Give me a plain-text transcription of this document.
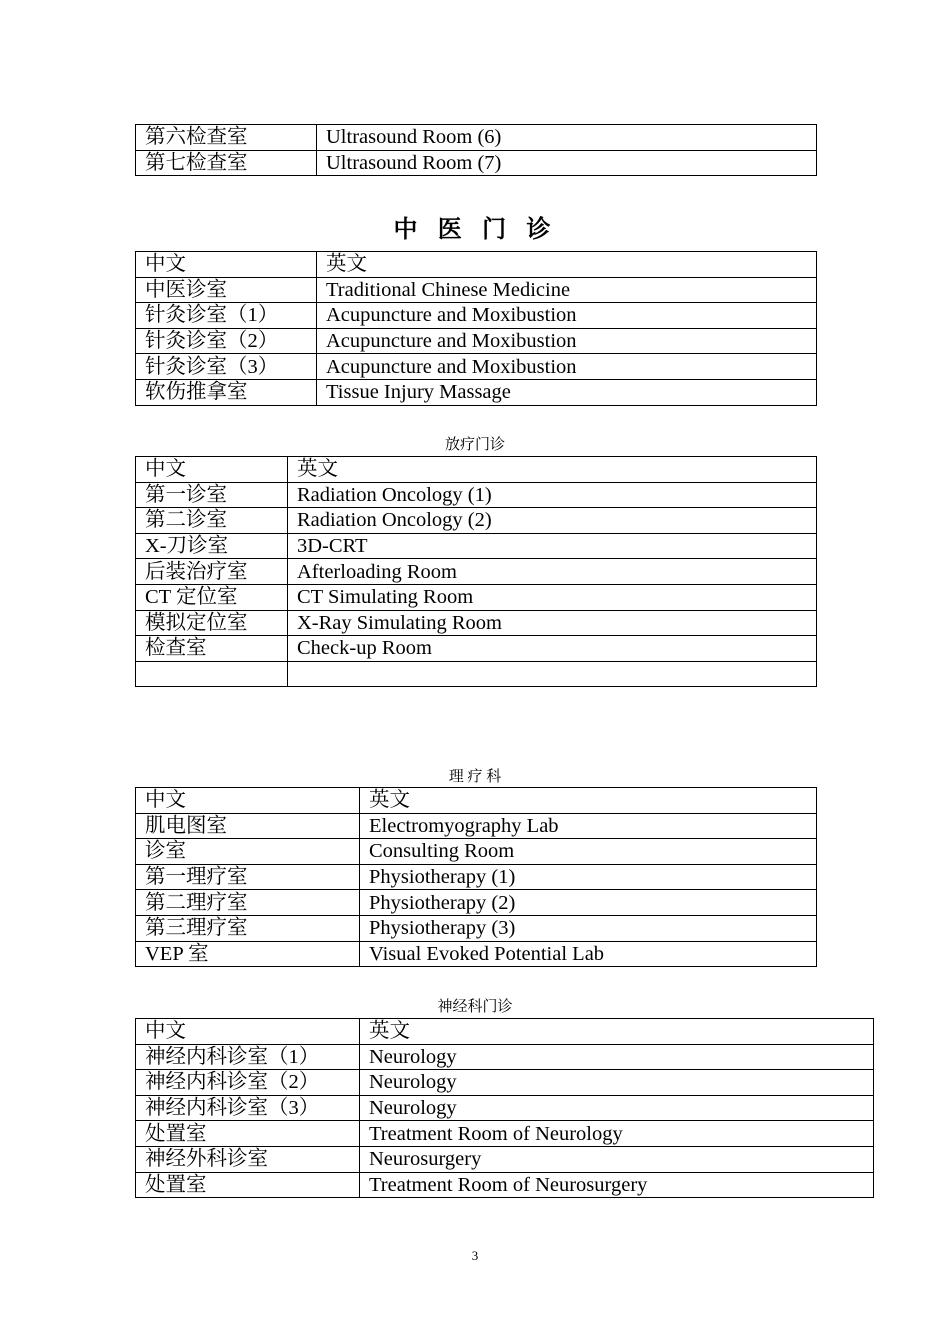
第六检查室	Ultrasound Room (6)
第七检查室	Ultrasound Room (7)
中 医 门 诊
中文	英文
中医诊室	Traditional Chinese Medicine
针灸诊室（1）	Acupuncture and Moxibustion
针灸诊室（2）	Acupuncture and Moxibustion
针灸诊室（3）	Acupuncture and Moxibustion
软伤推拿室	Tissue Injury Massage
放疗门诊
中文	英文
第一诊室	Radiation Oncology (1)
第二诊室	Radiation Oncology (2)
X-刀诊室	3D-CRT
后装治疗室	Afterloading Room
CT 定位室	CT Simulating Room
模拟定位室	X-Ray Simulating Room
检查室	Check-up Room

理 疗 科
中文	英文
肌电图室	Electromyography Lab
诊室	Consulting Room
第一理疗室	Physiotherapy (1)
第二理疗室	Physiotherapy (2)
第三理疗室	Physiotherapy (3)
VEP 室	Visual Evoked Potential Lab
神经科门诊
中文	英文
神经内科诊室（1）	Neurology
神经内科诊室（2）	Neurology
神经内科诊室（3）	Neurology
处置室	Treatment Room of Neurology
神经外科诊室	Neurosurgery
处置室	Treatment Room of Neurosurgery
3
